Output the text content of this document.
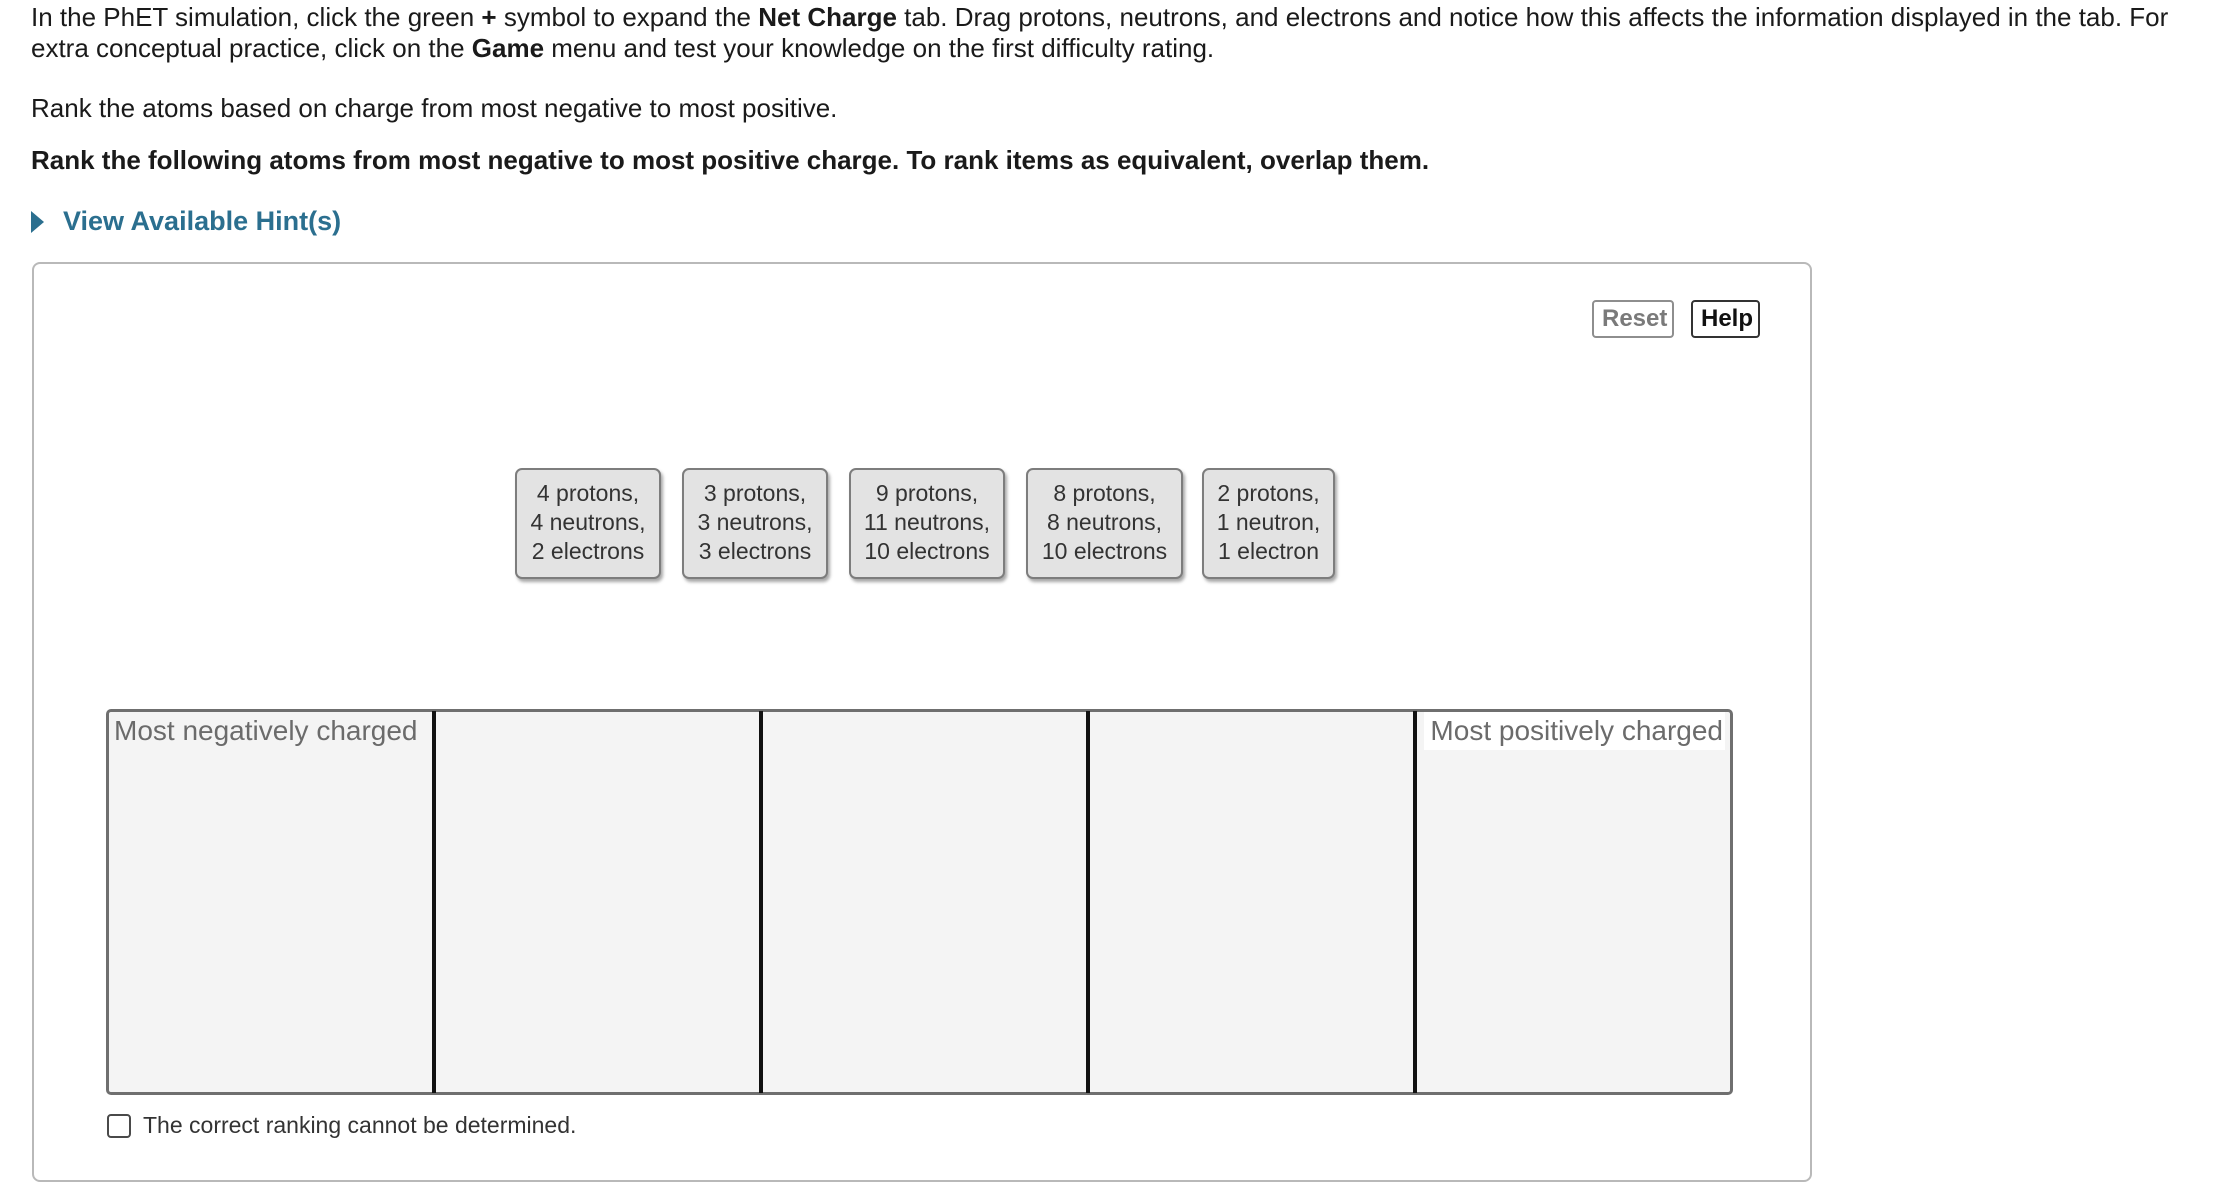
In the PhET simulation, click the green + symbol to expand the Net Charge tab. Drag protons, neutrons, and electrons and notice how this affects the information displayed in the tab. For extra conceptual practice, click on the Game menu and test your knowledge on the first difficulty rating.

Rank the atoms based on charge from most negative to most positive.

Rank the following atoms from most negative to most positive charge. To rank items as equivalent, overlap them.

View Available Hint(s)
Reset	Help
4 protons,
4 neutrons,
2 electrons
3 protons,
3 neutrons,
3 electrons
9 protons,
11 neutrons,
10 electrons
8 protons,
8 neutrons,
10 electrons
2 protons,
1 neutron,
1 electron
Most negatively charged	Most positively charged
The correct ranking cannot be determined.
